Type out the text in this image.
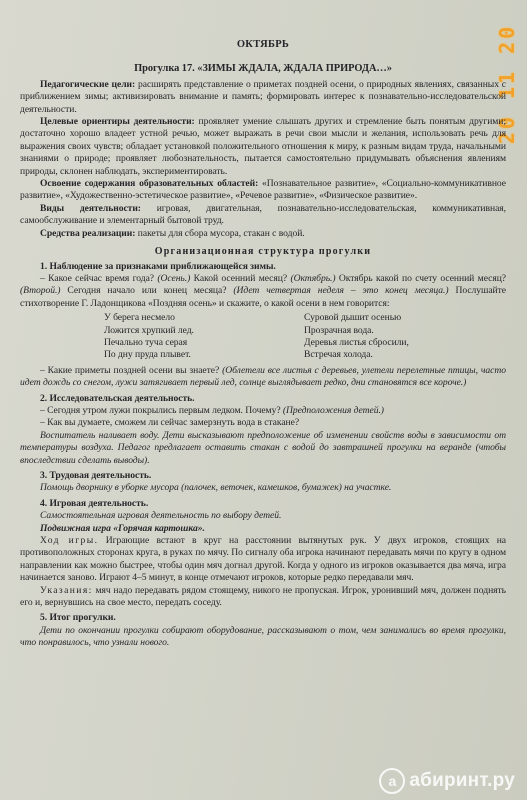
20 11 20

ОКТЯБРЬ

Прогулка 17. «ЗИМЫ ЖДАЛА, ЖДАЛА ПРИРОДА…»

Педагогические цели: расширять представление о приметах поздней осени, о природных явлениях, связанных с приближением зимы; активизировать внимание и память; формировать интерес к познавательно-исследовательской деятельности.

Целевые ориентиры деятельности: проявляет умение слышать других и стремление быть понятым другими; достаточно хорошо владеет устной речью, может выражать в речи свои мысли и желания, использовать речь для выражения своих чувств; обладает установкой положительного отношения к миру, к разным видам труда, начальными знаниями о природе; проявляет любознательность, пытается самостоятельно придумывать объяснения явлениям природы, склонен наблюдать, экспериментировать.

Освоение содержания образовательных областей: «Познавательное развитие», «Социально-коммуникативное развитие», «Художественно-эстетическое развитие», «Речевое развитие», «Физическое развитие».

Виды деятельности: игровая, двигательная, познавательно-исследовательская, коммуникативная, самообслуживание и элементарный бытовой труд.

Средства реализации: пакеты для сбора мусора, стакан с водой.

Организационная структура прогулки

1. Наблюдение за признаками приближающейся зимы.

– Какое сейчас время года? (Осень.) Какой осенний месяц? (Октябрь.) Октябрь какой по счету осенний месяц? (Второй.) Сегодня начало или конец месяца? (Идет четвертая неделя – это конец месяца.) Послушайте стихотворение Г. Ладонщикова «Поздняя осень» и скажите, о какой осени в нем говорится:

У берега несмело
Ложится хрупкий лед.
Печально туча серая
По дну пруда плывет.
Суровой дышит осенью
Прозрачная вода.
Деревья листья сбросили,
Встречая холода.

– Какие приметы поздней осени вы знаете? (Облетели все листья с деревьев, улетели перелетные птицы, часто идет дождь со снегом, лужи затягивает первый лед, солнце выглядывает редко, дни становятся все короче.)

2. Исследовательская деятельность.

– Сегодня утром лужи покрылись первым ледком. Почему? (Предположения детей.)

– Как вы думаете, сможем ли сейчас замерзнуть вода в стакане?

Воспитатель наливает воду. Дети высказывают предположение об изменении свойств воды в зависимости от температуры воздуха. Педагог предлагает оставить стакан с водой до завтрашней прогулки на веранде (чтобы впоследствии сделать выводы).

3. Трудовая деятельность.

Помощь дворнику в уборке мусора (палочек, веточек, камешков, бумажек) на участке.

4. Игровая деятельность.

Самостоятельная игровая деятельность по выбору детей.

Подвижная игра «Горячая картошка».

Ход игры. Играющие встают в круг на расстоянии вытянутых рук. У двух игроков, стоящих на противоположных сторонах круга, в руках по мячу. По сигналу оба игрока начинают передавать мячи по кругу в одном направлении как можно быстрее, чтобы один мяч догнал другой. Когда у одного из игроков оказывается два мяча, игра начинается заново. Играют 4–5 минут, в конце отмечают игроков, которые редко передавали мяч.

Указания: мяч надо передавать рядом стоящему, никого не пропуская. Игрок, уронивший мяч, должен поднять его и, вернувшись на свое место, передать соседу.

5. Итог прогулки.

Дети по окончании прогулки собирают оборудование, рассказывают о том, чем занимались во время прогулки, что понравилось, что узнали нового.

a абиринт.ру
